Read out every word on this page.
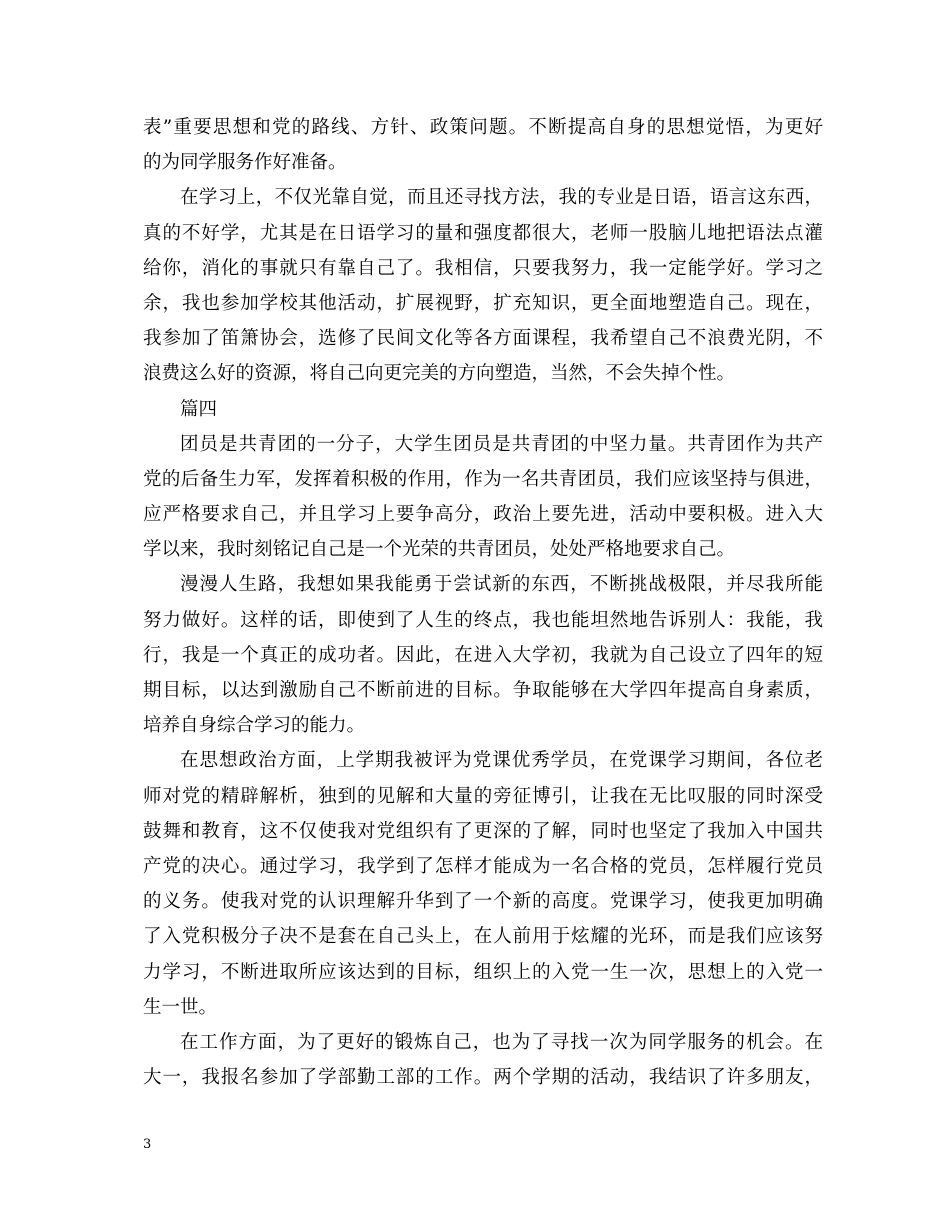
表”重要思想和党的路线、方针、政策问题。不断提高自身的思想觉悟，为更好
的为同学服务作好准备。
在学习上，不仅光靠自觉，而且还寻找方法，我的专业是日语，语言这东西，
真的不好学，尤其是在日语学习的量和强度都很大，老师一股脑儿地把语法点灌
给你，消化的事就只有靠自己了。我相信，只要我努力，我一定能学好。学习之
余，我也参加学校其他活动，扩展视野，扩充知识，更全面地塑造自己。现在，
我参加了笛箫协会，选修了民间文化等各方面课程，我希望自己不浪费光阴，不
浪费这么好的资源，将自己向更完美的方向塑造，当然，不会失掉个性。
篇四
团员是共青团的一分子，大学生团员是共青团的中坚力量。共青团作为共产
党的后备生力军，发挥着积极的作用，作为一名共青团员，我们应该坚持与俱进，
应严格要求自己，并且学习上要争高分，政治上要先进，活动中要积极。进入大
学以来，我时刻铭记自己是一个光荣的共青团员，处处严格地要求自己。
漫漫人生路，我想如果我能勇于尝试新的东西，不断挑战极限，并尽我所能
努力做好。这样的话，即使到了人生的终点，我也能坦然地告诉别人：我能，我
行，我是一个真正的成功者。因此，在进入大学初，我就为自己设立了四年的短
期目标，以达到激励自己不断前进的目标。争取能够在大学四年提高自身素质，
培养自身综合学习的能力。
在思想政治方面，上学期我被评为党课优秀学员，在党课学习期间，各位老
师对党的精辟解析，独到的见解和大量的旁征博引，让我在无比叹服的同时深受
鼓舞和教育，这不仅使我对党组织有了更深的了解，同时也坚定了我加入中国共
产党的决心。通过学习，我学到了怎样才能成为一名合格的党员，怎样履行党员
的义务。使我对党的认识理解升华到了一个新的高度。党课学习，使我更加明确
了入党积极分子决不是套在自己头上，在人前用于炫耀的光环，而是我们应该努
力学习，不断进取所应该达到的目标，组织上的入党一生一次，思想上的入党一
生一世。
在工作方面，为了更好的锻炼自己，也为了寻找一次为同学服务的机会。在
大一，我报名参加了学部勤工部的工作。两个学期的活动，我结识了许多朋友，
3
